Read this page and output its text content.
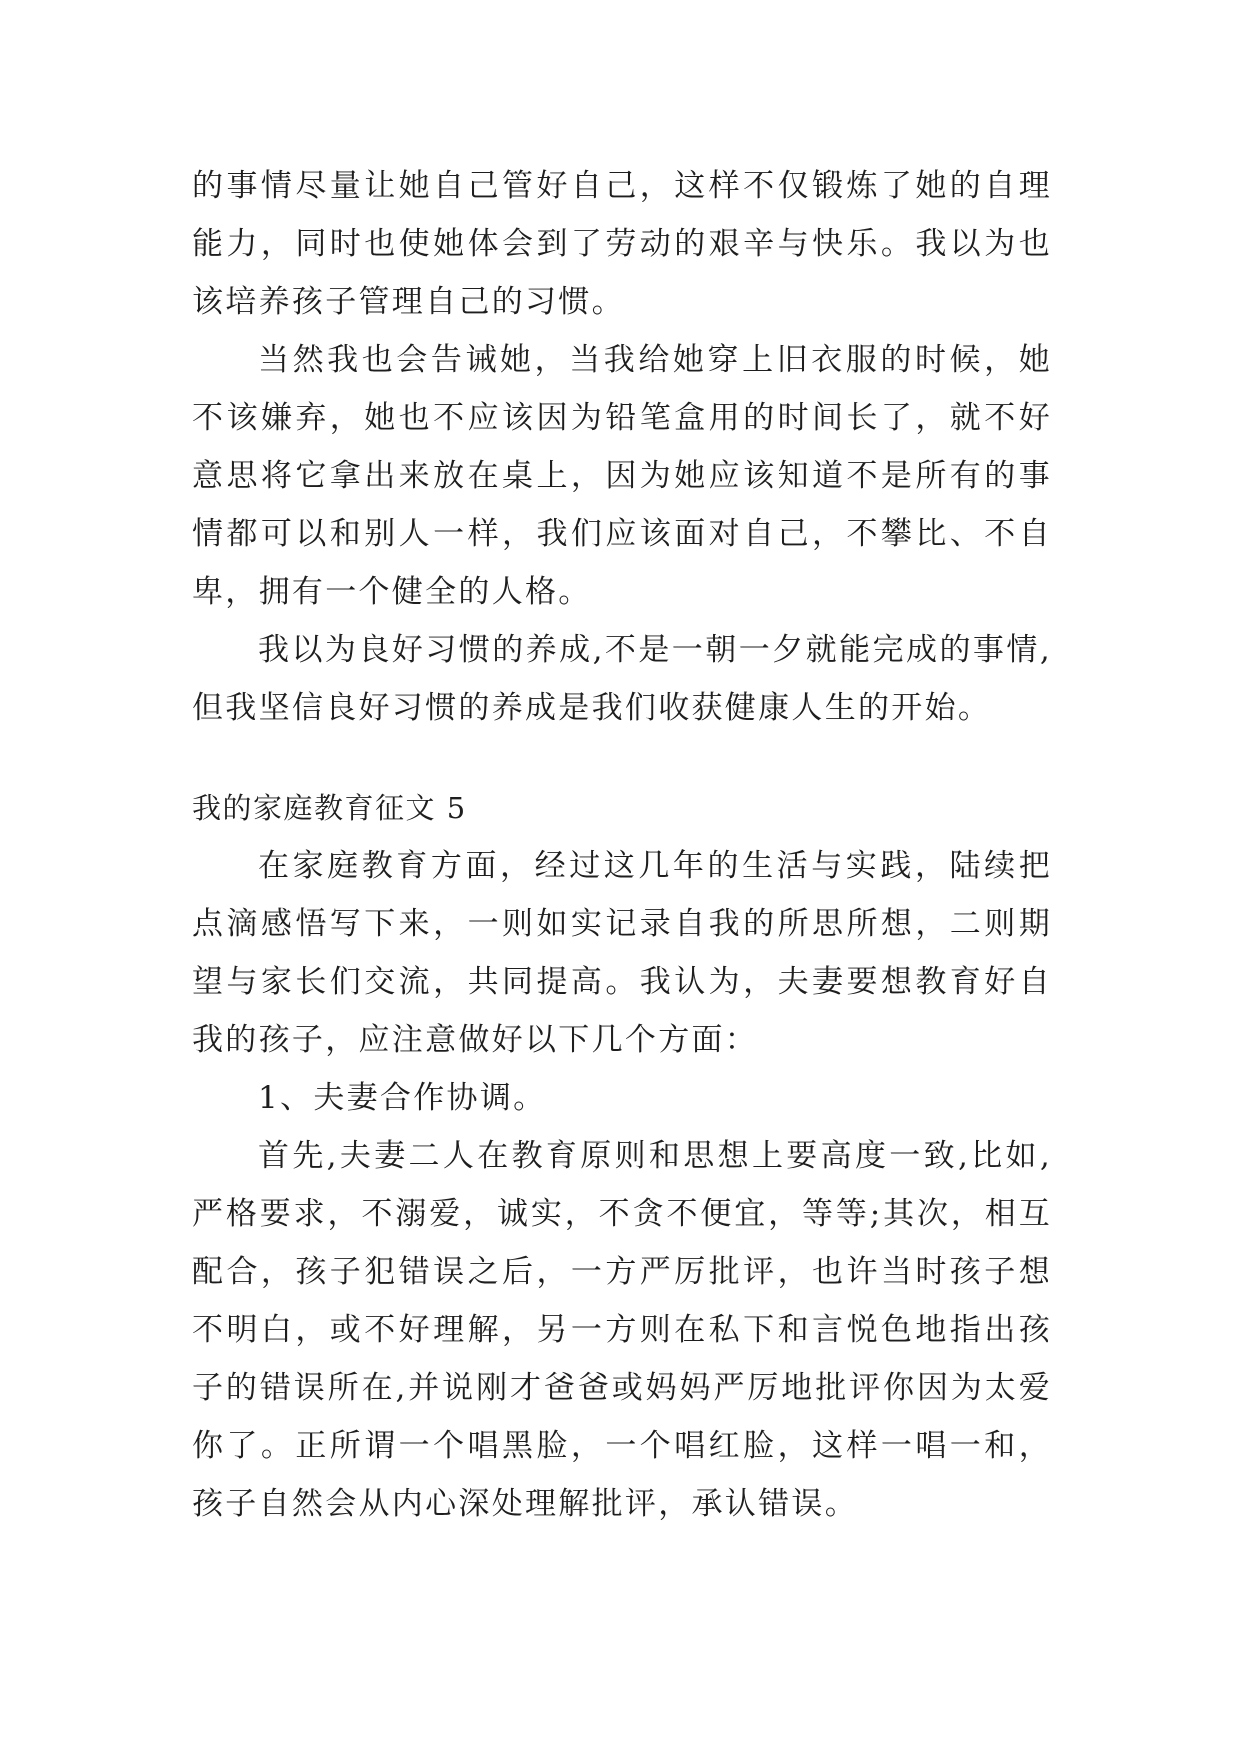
的事情尽量让她自己管好自己，这样不仅锻炼了她的自理能力，同时也使她体会到了劳动的艰辛与快乐。我以为也该培养孩子管理自己的习惯。

当然我也会告诫她，当我给她穿上旧衣服的时候，她不该嫌弃，她也不应该因为铅笔盒用的时间长了，就不好意思将它拿出来放在桌上，因为她应该知道不是所有的事情都可以和别人一样，我们应该面对自己，不攀比、不自卑，拥有一个健全的人格。

我以为良好习惯的养成,不是一朝一夕就能完成的事情,但我坚信良好习惯的养成是我们收获健康人生的开始。

我的家庭教育征文 5

在家庭教育方面，经过这几年的生活与实践，陆续把点滴感悟写下来，一则如实记录自我的所思所想，二则期望与家长们交流，共同提高。我认为，夫妻要想教育好自我的孩子，应注意做好以下几个方面：

1、夫妻合作协调。

首先,夫妻二人在教育原则和思想上要高度一致,比如,严格要求，不溺爱，诚实，不贪不便宜，等等;其次，相互配合，孩子犯错误之后，一方严厉批评，也许当时孩子想不明白，或不好理解，另一方则在私下和言悦色地指出孩子的错误所在,并说刚才爸爸或妈妈严厉地批评你因为太爱你了。正所谓一个唱黑脸，一个唱红脸，这样一唱一和，孩子自然会从内心深处理解批评，承认错误。
